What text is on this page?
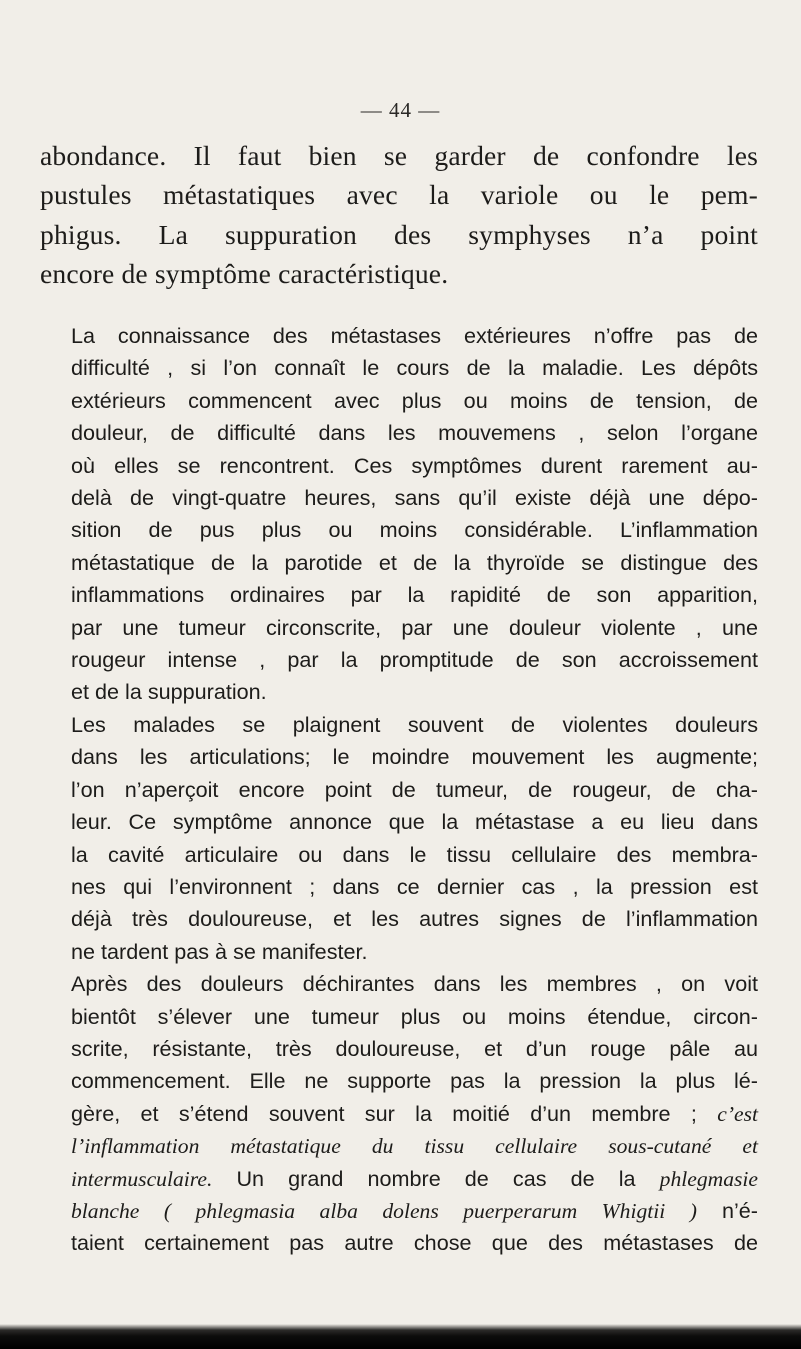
— 44 —

abondance. Il faut bien se garder de confondre les
pustules métastatiques avec la variole ou le pem-
phigus. La suppuration des symphyses n’a point
encore de symptôme caractéristique.

La connaissance des métastases extérieures n’offre pas de
difficulté , si l’on connaît le cours de la maladie. Les dépôts
extérieurs commencent avec plus ou moins de tension, de
douleur, de difficulté dans les mouvemens , selon l’organe
où elles se rencontrent. Ces symptômes durent rarement au-
delà de vingt-quatre heures, sans qu’il existe déjà une dépo-
sition de pus plus ou moins considérable. L’inflammation
métastatique de la parotide et de la thyroïde se distingue des
inflammations ordinaires par la rapidité de son apparition,
par une tumeur circonscrite, par une douleur violente , une
rougeur intense , par la promptitude de son accroissement
et de la suppuration.

Les malades se plaignent souvent de violentes douleurs
dans les articulations; le moindre mouvement les augmente;
l’on n’aperçoit encore point de tumeur, de rougeur, de cha-
leur. Ce symptôme annonce que la métastase a eu lieu dans
la cavité articulaire ou dans le tissu cellulaire des membra-
nes qui l’environnent ; dans ce dernier cas , la pression est
déjà très douloureuse, et les autres signes de l’inflammation
ne tardent pas à se manifester.

Après des douleurs déchirantes dans les membres , on voit
bientôt s’élever une tumeur plus ou moins étendue, circon-
scrite, résistante, très douloureuse, et d’un rouge pâle au
commencement. Elle ne supporte pas la pression la plus lé-
gère, et s’étend souvent sur la moitié d’un membre ; c’est
l’inflammation métastatique du tissu cellulaire sous-cutané et
intermusculaire. Un grand nombre de cas de la phlegmasie
blanche ( phlegmasia alba dolens puerperarum Whigtii ) n’é-
taient certainement pas autre chose que des métastases de
